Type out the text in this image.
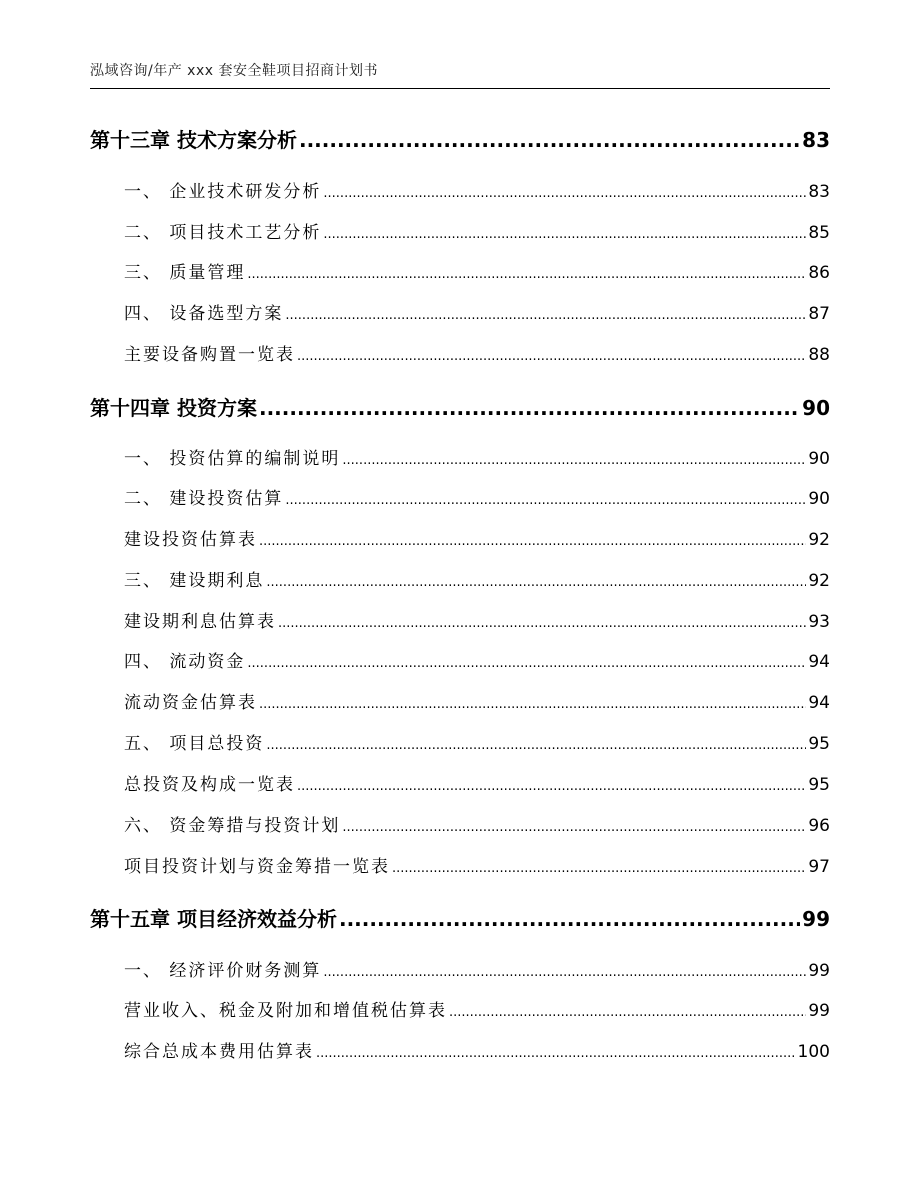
泓域咨询/年产 xxx 套安全鞋项目招商计划书
第十三章 技术方案分析 .....	83
一、 企业技术研发分析 .....	83
二、 项目技术工艺分析 .....	85
三、 质量管理 .....	86
四、 设备选型方案 .....	87
主要设备购置一览表 .....	88
第十四章 投资方案 .....	90
一、 投资估算的编制说明 .....	90
二、 建设投资估算 .....	90
建设投资估算表 .....	92
三、 建设期利息 .....	92
建设期利息估算表 .....	93
四、 流动资金 .....	94
流动资金估算表 .....	94
五、 项目总投资 .....	95
总投资及构成一览表 .....	95
六、 资金筹措与投资计划 .....	96
项目投资计划与资金筹措一览表 .....	97
第十五章 项目经济效益分析 .....	99
一、 经济评价财务测算 .....	99
营业收入、税金及附加和增值税估算表 .....	99
综合总成本费用估算表 .....	100
